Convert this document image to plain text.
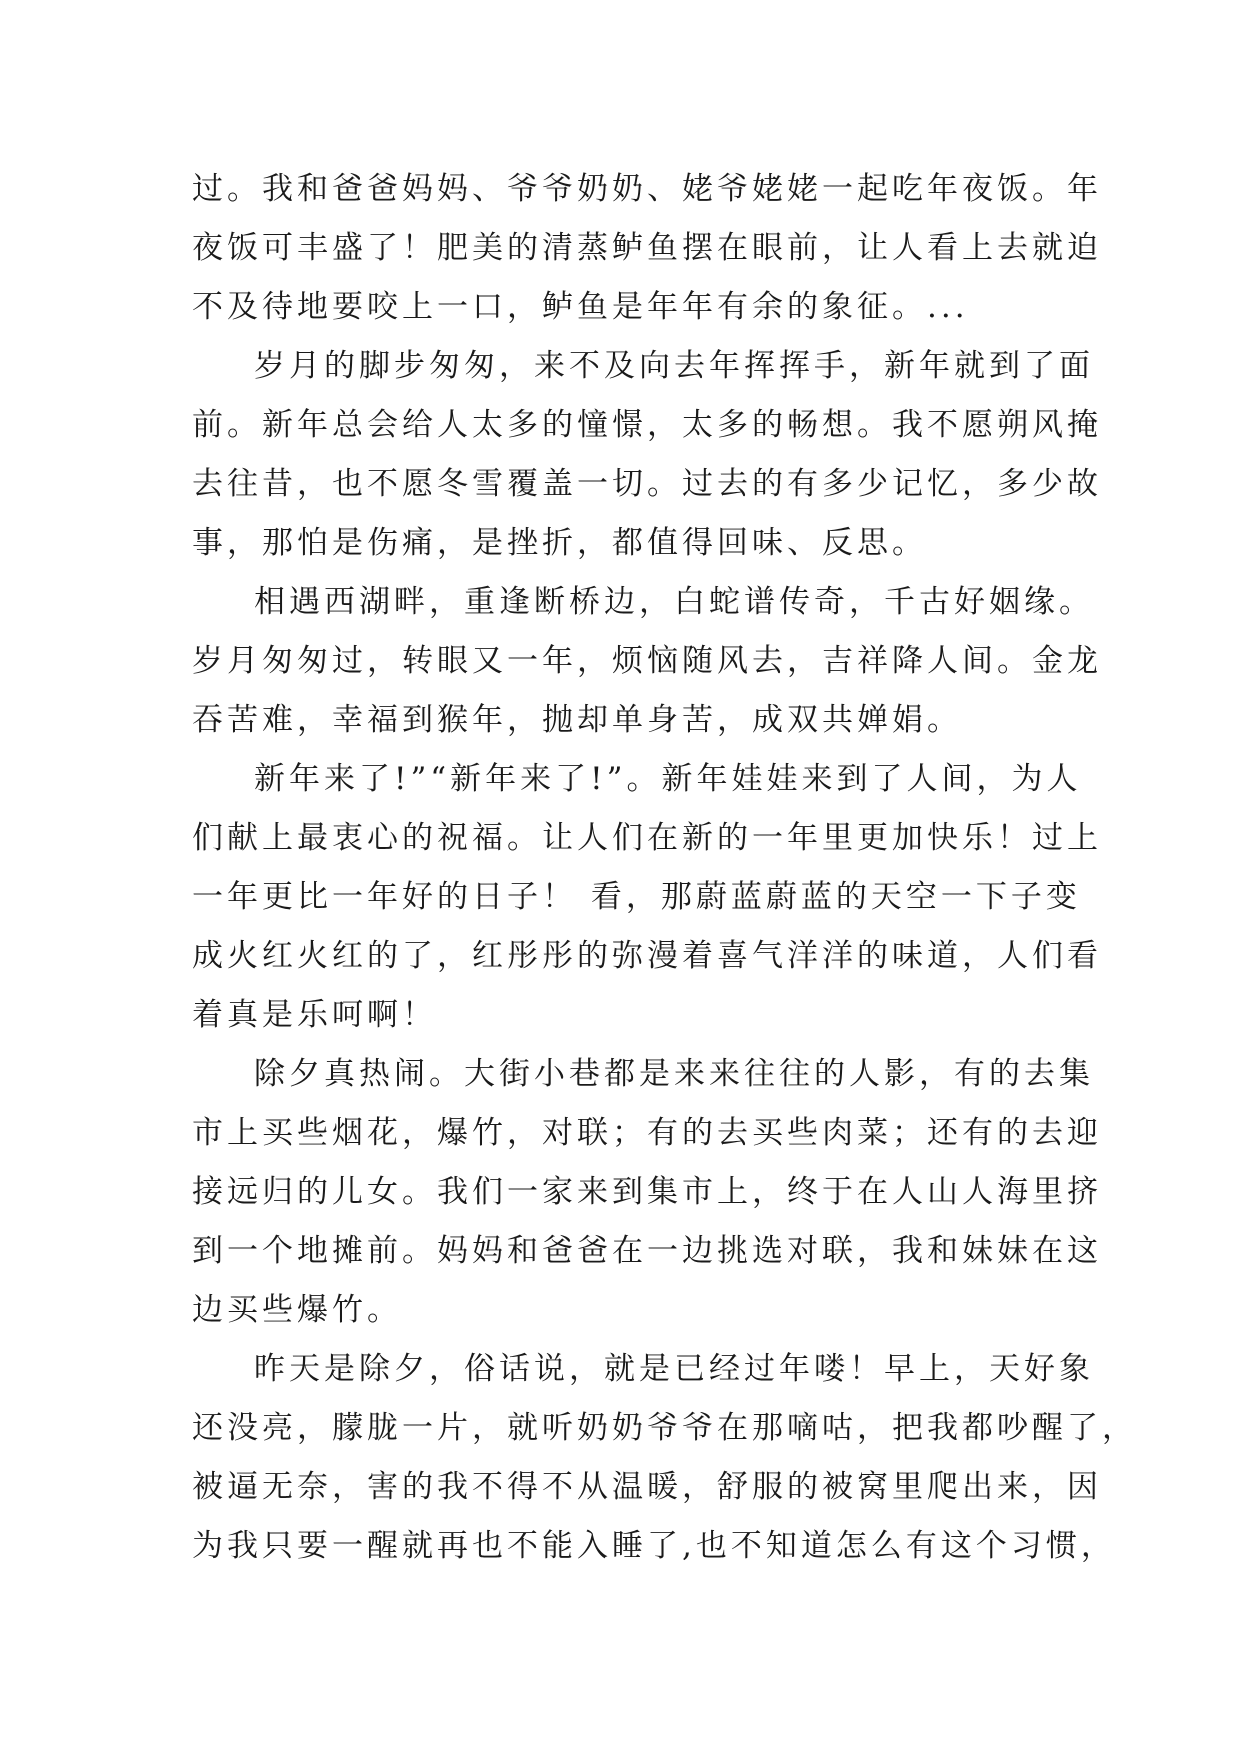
过。我和爸爸妈妈、爷爷奶奶、姥爷姥姥一起吃年夜饭。年
夜饭可丰盛了！肥美的清蒸鲈鱼摆在眼前，让人看上去就迫
不及待地要咬上一口，鲈鱼是年年有余的象征。...
岁月的脚步匆匆，来不及向去年挥挥手，新年就到了面
前。新年总会给人太多的憧憬，太多的畅想。我不愿朔风掩
去往昔，也不愿冬雪覆盖一切。过去的有多少记忆，多少故
事，那怕是伤痛，是挫折，都值得回味、反思。
相遇西湖畔，重逢断桥边，白蛇谱传奇，千古好姻缘。
岁月匆匆过，转眼又一年，烦恼随风去，吉祥降人间。金龙
吞苦难，幸福到猴年，抛却单身苦，成双共婵娟。
新年来了!”“新年来了!”。新年娃娃来到了人间，为人
们献上最衷心的祝福。让人们在新的一年里更加快乐！过上
一年更比一年好的日子！ 看，那蔚蓝蔚蓝的天空一下子变
成火红火红的了，红彤彤的弥漫着喜气洋洋的味道，人们看
着真是乐呵啊！
除夕真热闹。大街小巷都是来来往往的人影，有的去集
市上买些烟花，爆竹，对联；有的去买些肉菜；还有的去迎
接远归的儿女。我们一家来到集市上，终于在人山人海里挤
到一个地摊前。妈妈和爸爸在一边挑选对联，我和妹妹在这
边买些爆竹。
昨天是除夕，俗话说，就是已经过年喽！早上，天好象
还没亮，朦胧一片，就听奶奶爷爷在那嘀咕，把我都吵醒了，
被逼无奈，害的我不得不从温暖，舒服的被窝里爬出来，因
为我只要一醒就再也不能入睡了,也不知道怎么有这个习惯，
